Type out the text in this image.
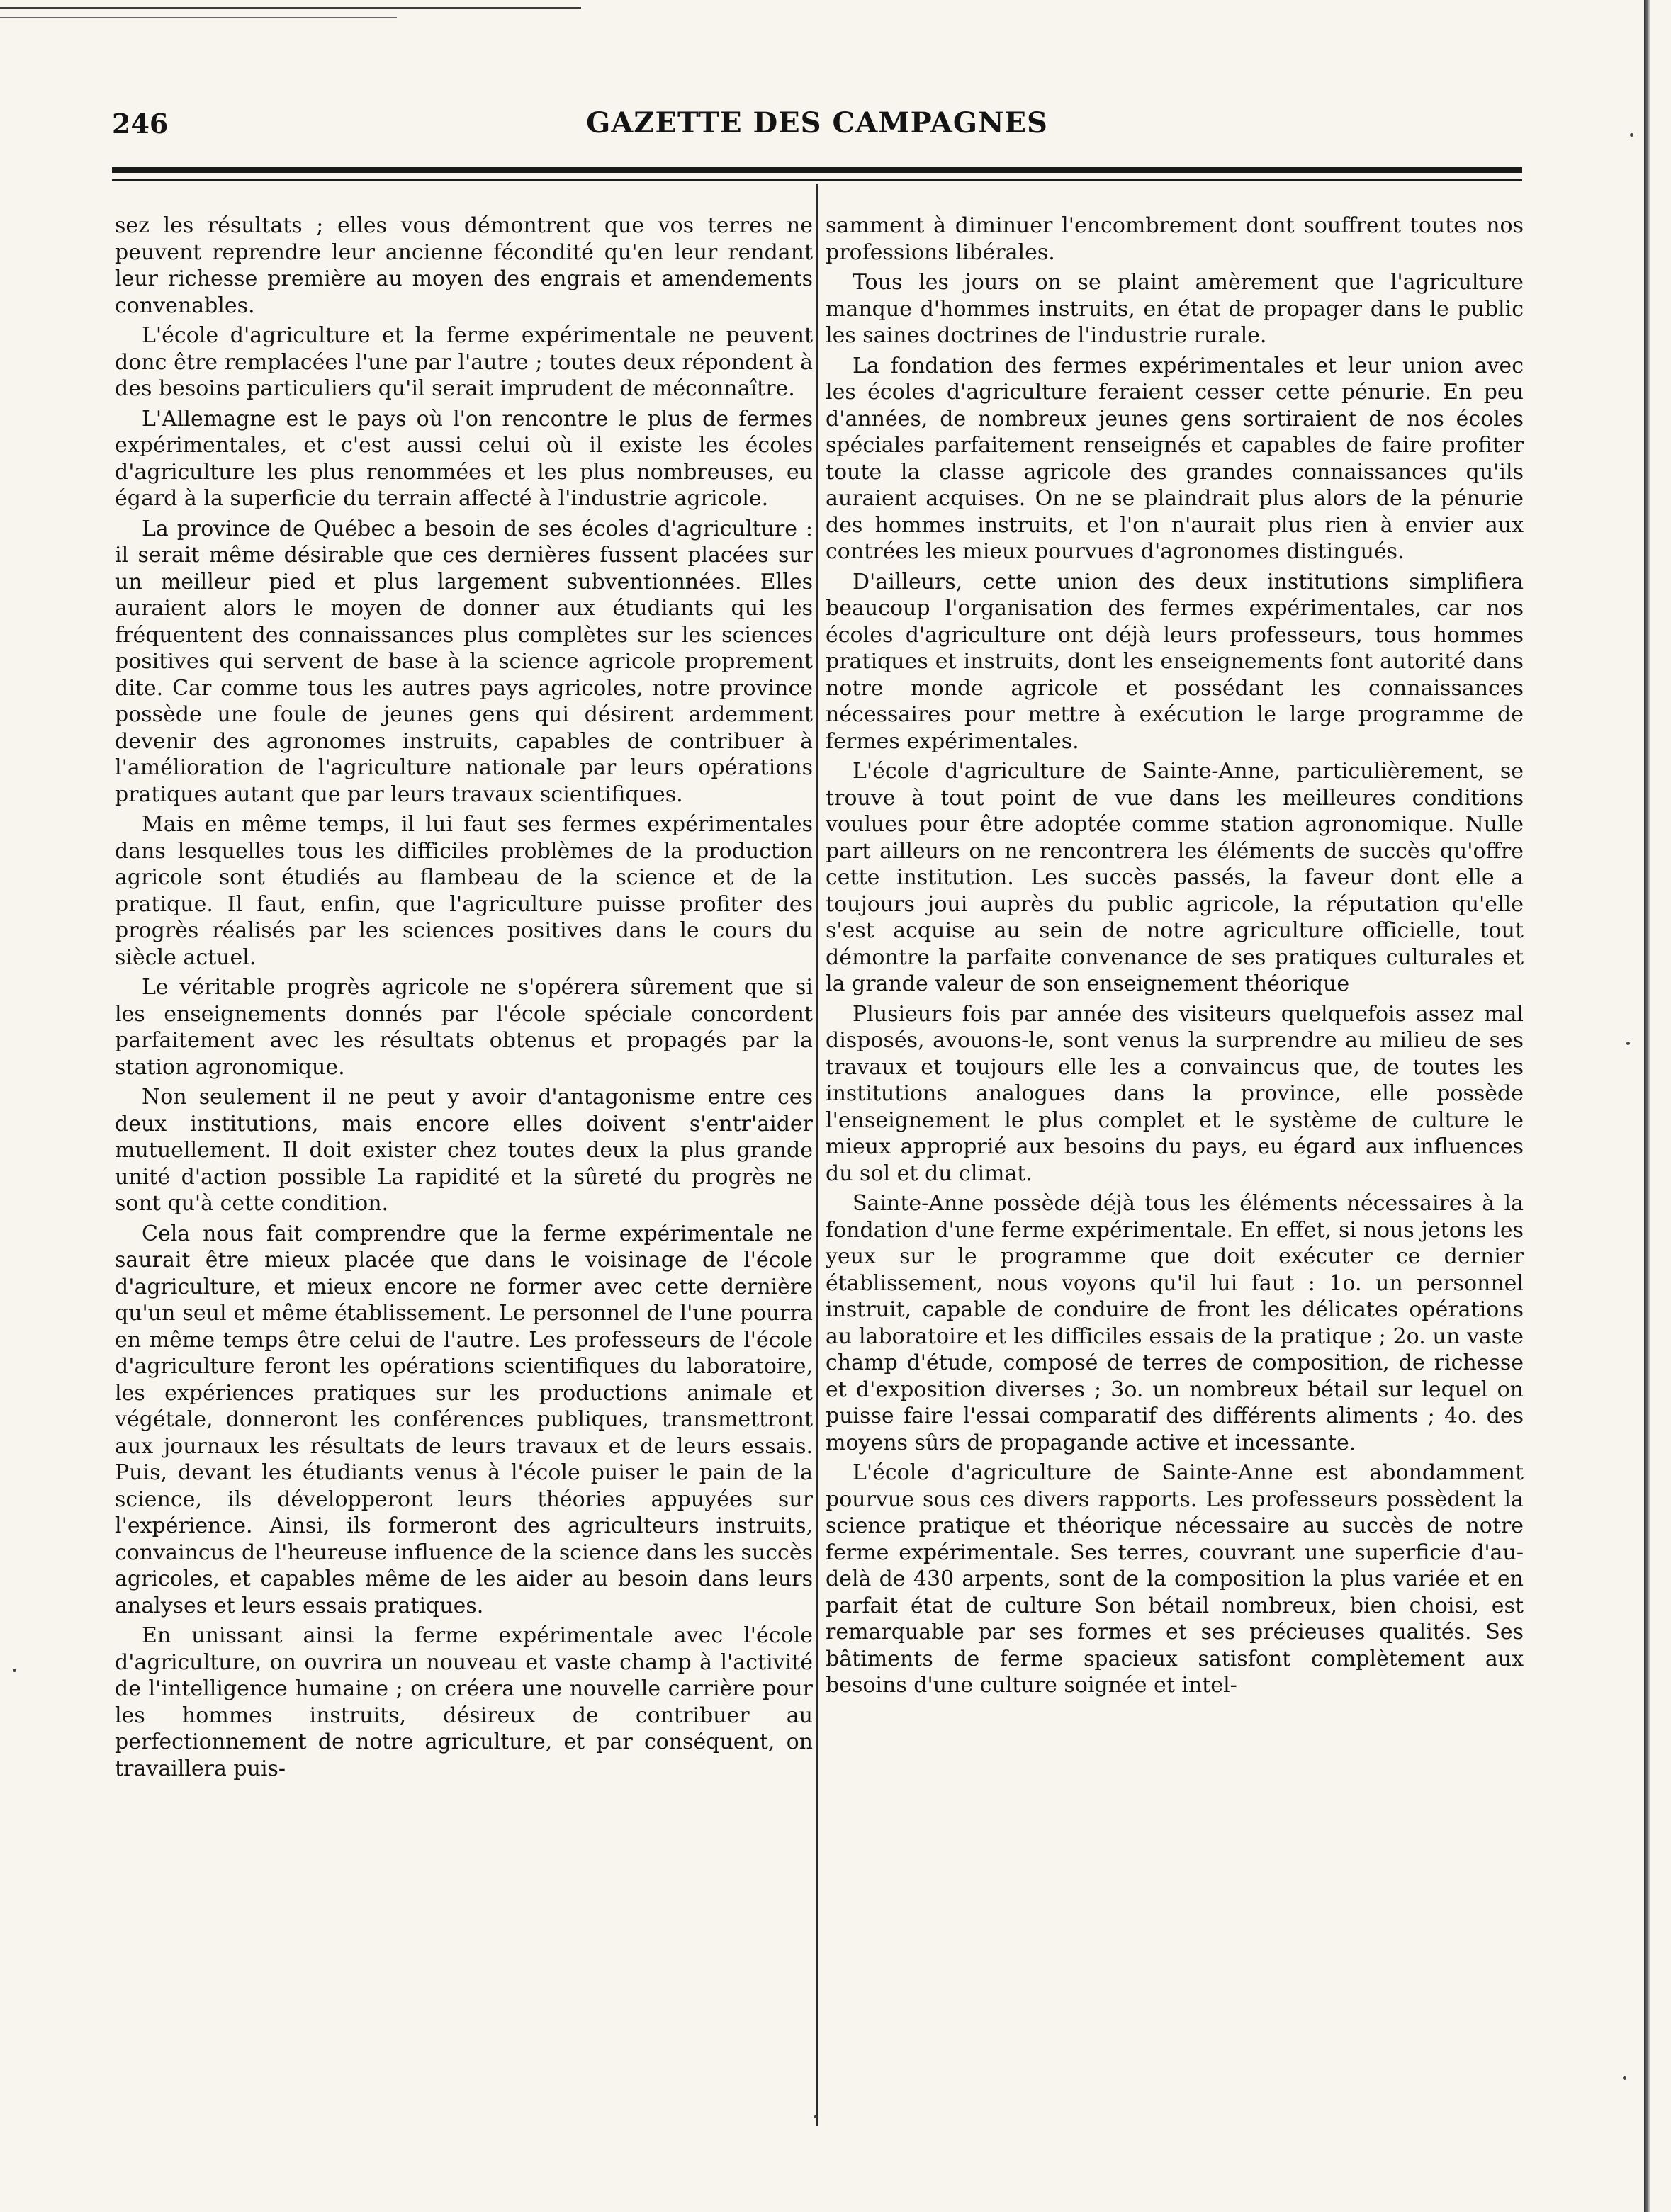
246	GAZETTE DES CAMPAGNES

sez les résultats ; elles vous démontrent que vos terres ne peuvent reprendre leur ancienne fécondité qu'en leur rendant leur richesse première au moyen des engrais et amendements convenables.

L'école d'agriculture et la ferme expérimentale ne peuvent donc être remplacées l'une par l'autre ; toutes deux répondent à des besoins particuliers qu'il serait imprudent de méconnaître.

L'Allemagne est le pays où l'on rencontre le plus de fermes expérimentales, et c'est aussi celui où il existe les écoles d'agriculture les plus renommées et les plus nombreuses, eu égard à la superficie du terrain affecté à l'industrie agricole.

La province de Québec a besoin de ses écoles d'agriculture : il serait même désirable que ces dernières fussent placées sur un meilleur pied et plus largement subventionnées. Elles auraient alors le moyen de donner aux étudiants qui les fréquentent des connaissances plus complètes sur les sciences positives qui servent de base à la science agricole proprement dite. Car comme tous les autres pays agricoles, notre province possède une foule de jeunes gens qui désirent ardemment devenir des agronomes instruits, capables de contribuer à l'amélioration de l'agriculture nationale par leurs opérations pratiques autant que par leurs travaux scientifiques.

Mais en même temps, il lui faut ses fermes expérimentales dans lesquelles tous les difficiles problèmes de la production agricole sont étudiés au flambeau de la science et de la pratique. Il faut, enfin, que l'agriculture puisse profiter des progrès réalisés par les sciences positives dans le cours du siècle actuel.

Le véritable progrès agricole ne s'opérera sûrement que si les enseignements donnés par l'école spéciale concordent parfaitement avec les résultats obtenus et propagés par la station agronomique.

Non seulement il ne peut y avoir d'antagonisme entre ces deux institutions, mais encore elles doivent s'entr'aider mutuellement. Il doit exister chez toutes deux la plus grande unité d'action possible La rapidité et la sûreté du progrès ne sont qu'à cette condition.

Cela nous fait comprendre que la ferme expérimentale ne saurait être mieux placée que dans le voisinage de l'école d'agriculture, et mieux encore ne former avec cette dernière qu'un seul et même établissement. Le personnel de l'une pourra en même temps être celui de l'autre. Les professeurs de l'école d'agriculture feront les opérations scientifiques du laboratoire, les expériences pratiques sur les productions animale et végétale, donneront les conférences publiques, transmettront aux journaux les résultats de leurs travaux et de leurs essais. Puis, devant les étudiants venus à l'école puiser le pain de la science, ils développeront leurs théories appuyées sur l'expérience. Ainsi, ils formeront des agriculteurs instruits, convaincus de l'heureuse influence de la science dans les succès agricoles, et capables même de les aider au besoin dans leurs analyses et leurs essais pratiques.

En unissant ainsi la ferme expérimentale avec l'école d'agriculture, on ouvrira un nouveau et vaste champ à l'activité de l'intelligence humaine ; on créera une nouvelle carrière pour les hommes instruits, désireux de contribuer au perfectionnement de notre agriculture, et par conséquent, on travaillera puis-

samment à diminuer l'encombrement dont souffrent toutes nos professions libérales.

Tous les jours on se plaint amèrement que l'agriculture manque d'hommes instruits, en état de propager dans le public les saines doctrines de l'industrie rurale.

La fondation des fermes expérimentales et leur union avec les écoles d'agriculture feraient cesser cette pénurie. En peu d'années, de nombreux jeunes gens sortiraient de nos écoles spéciales parfaitement renseignés et capables de faire profiter toute la classe agricole des grandes connaissances qu'ils auraient acquises. On ne se plaindrait plus alors de la pénurie des hommes instruits, et l'on n'aurait plus rien à envier aux contrées les mieux pourvues d'agronomes distingués.

D'ailleurs, cette union des deux institutions simplifiera beaucoup l'organisation des fermes expérimentales, car nos écoles d'agriculture ont déjà leurs professeurs, tous hommes pratiques et instruits, dont les enseignements font autorité dans notre monde agricole et possédant les connaissances nécessaires pour mettre à exécution le large programme de fermes expérimentales.

L'école d'agriculture de Sainte-Anne, particulièrement, se trouve à tout point de vue dans les meilleures conditions voulues pour être adoptée comme station agronomique. Nulle part ailleurs on ne rencontrera les éléments de succès qu'offre cette institution. Les succès passés, la faveur dont elle a toujours joui auprès du public agricole, la réputation qu'elle s'est acquise au sein de notre agriculture officielle, tout démontre la parfaite convenance de ses pratiques culturales et la grande valeur de son enseignement théorique

Plusieurs fois par année des visiteurs quelquefois assez mal disposés, avouons-le, sont venus la surprendre au milieu de ses travaux et toujours elle les a convaincus que, de toutes les institutions analogues dans la province, elle possède l'enseignement le plus complet et le système de culture le mieux approprié aux besoins du pays, eu égard aux influences du sol et du climat.

Sainte-Anne possède déjà tous les éléments nécessaires à la fondation d'une ferme expérimentale. En effet, si nous jetons les yeux sur le programme que doit exécuter ce dernier établissement, nous voyons qu'il lui faut : 1o. un personnel instruit, capable de conduire de front les délicates opérations au laboratoire et les difficiles essais de la pratique ; 2o. un vaste champ d'étude, composé de terres de composition, de richesse et d'exposition diverses ; 3o. un nombreux bétail sur lequel on puisse faire l'essai comparatif des différents aliments ; 4o. des moyens sûrs de propagande active et incessante.

L'école d'agriculture de Sainte-Anne est abondamment pourvue sous ces divers rapports. Les professeurs possèdent la science pratique et théorique nécessaire au succès de notre ferme expérimentale. Ses terres, couvrant une superficie d'au-delà de 430 arpents, sont de la composition la plus variée et en parfait état de culture Son bétail nombreux, bien choisi, est remarquable par ses formes et ses précieuses qualités. Ses bâtiments de ferme spacieux satisfont complètement aux besoins d'une culture soignée et intel-
